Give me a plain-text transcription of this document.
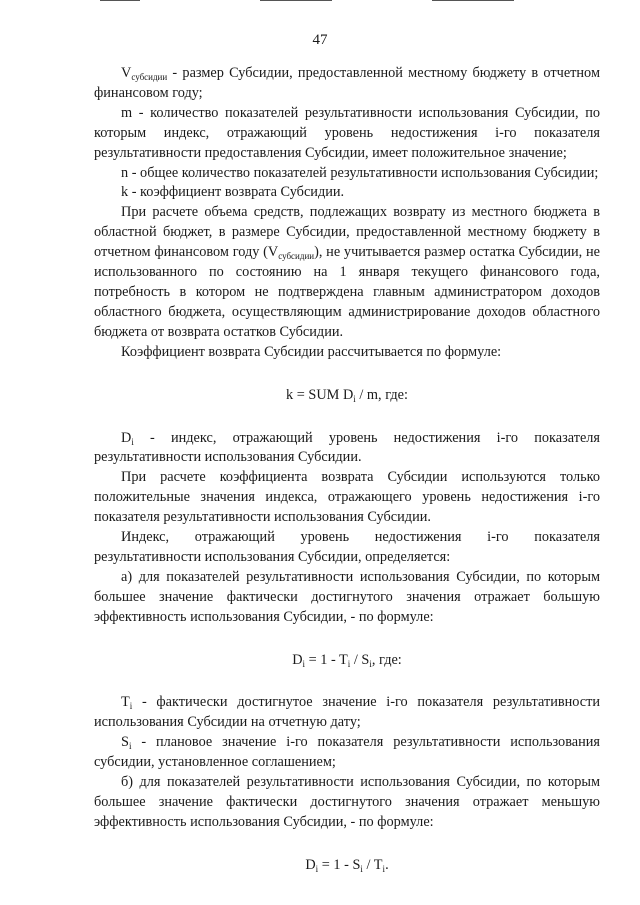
47

$V_{субсидии}$ - размер Субсидии, предоставленной местному бюджету в отчетном финансовом году;

m - количество показателей результативности использования Субсидии, по которым индекс, отражающий уровень недостижения i-го показателя результативности предоставления Субсидии, имеет положительное значение;

n - общее количество показателей результативности использования Субсидии;

k - коэффициент возврата Субсидии.

При расчете объема средств, подлежащих возврату из местного бюджета в областной бюджет, в размере Субсидии, предоставленной местному бюджету в отчетном финансовом году $(V_{субсидии})$, не учитывается размер остатка Субсидии, не использованного по состоянию на 1 января текущего финансового года, потребность в котором не подтверждена главным администратором доходов областного бюджета, осуществляющим администрирование доходов областного бюджета от возврата остатков Субсидии.

Коэффициент возврата Субсидии рассчитывается по формуле:

k = SUM $D_i$ / m, где:

$D_i$ - индекс, отражающий уровень недостижения i-го показателя результативности использования Субсидии.

При расчете коэффициента возврата Субсидии используются только положительные значения индекса, отражающего уровень недостижения i-го показателя результативности использования Субсидии.

Индекс, отражающий уровень недостижения i-го показателя результативности использования Субсидии, определяется:

а) для показателей результативности использования Субсидии, по которым большее значение фактически достигнутого значения отражает большую эффективность использования Субсидии, - по формуле:

$D_i = 1 - T_i / S_i$, где:

$T_i$ - фактически достигнутое значение i-го показателя результативности использования Субсидии на отчетную дату;

$S_i$ - плановое значение i-го показателя результативности использования субсидии, установленное соглашением;

б) для показателей результативности использования Субсидии, по которым большее значение фактически достигнутого значения отражает меньшую эффективность использования Субсидии, - по формуле:

$D_i = 1 - S_i / T_i$.
